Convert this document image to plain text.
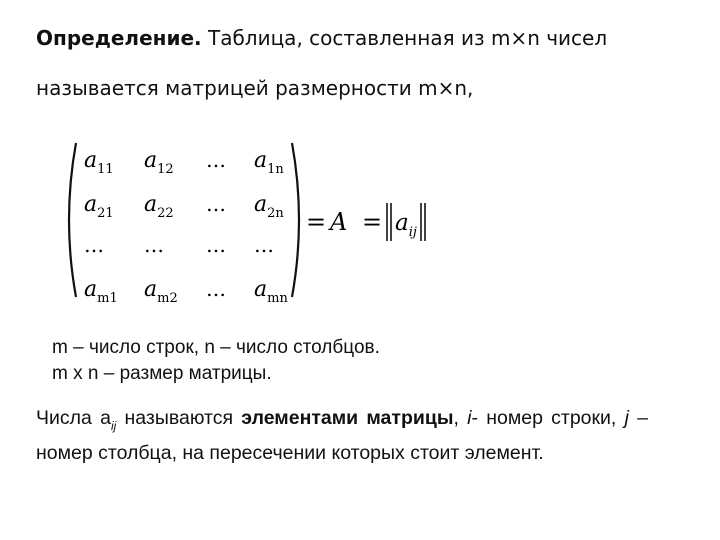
Определение. Таблица, составленная из m×n чисел
называется матрицей размерности m×n,
$a_{11}$ $a_{12}$ … $a_{1n}$
$a_{21}$ $a_{22}$ … $a_{2n}$
… … … …
$a_{m1}$ $a_{m2}$ … $a_{mn}$
= $A = a_{ij}$
m – число строк, n – число столбцов.
m x n – размер матрицы.
Числа $a_{ij}$ называются элементами матрицы, i- номер строки, j – номер столбца, на пересечении которых стоит элемент.
